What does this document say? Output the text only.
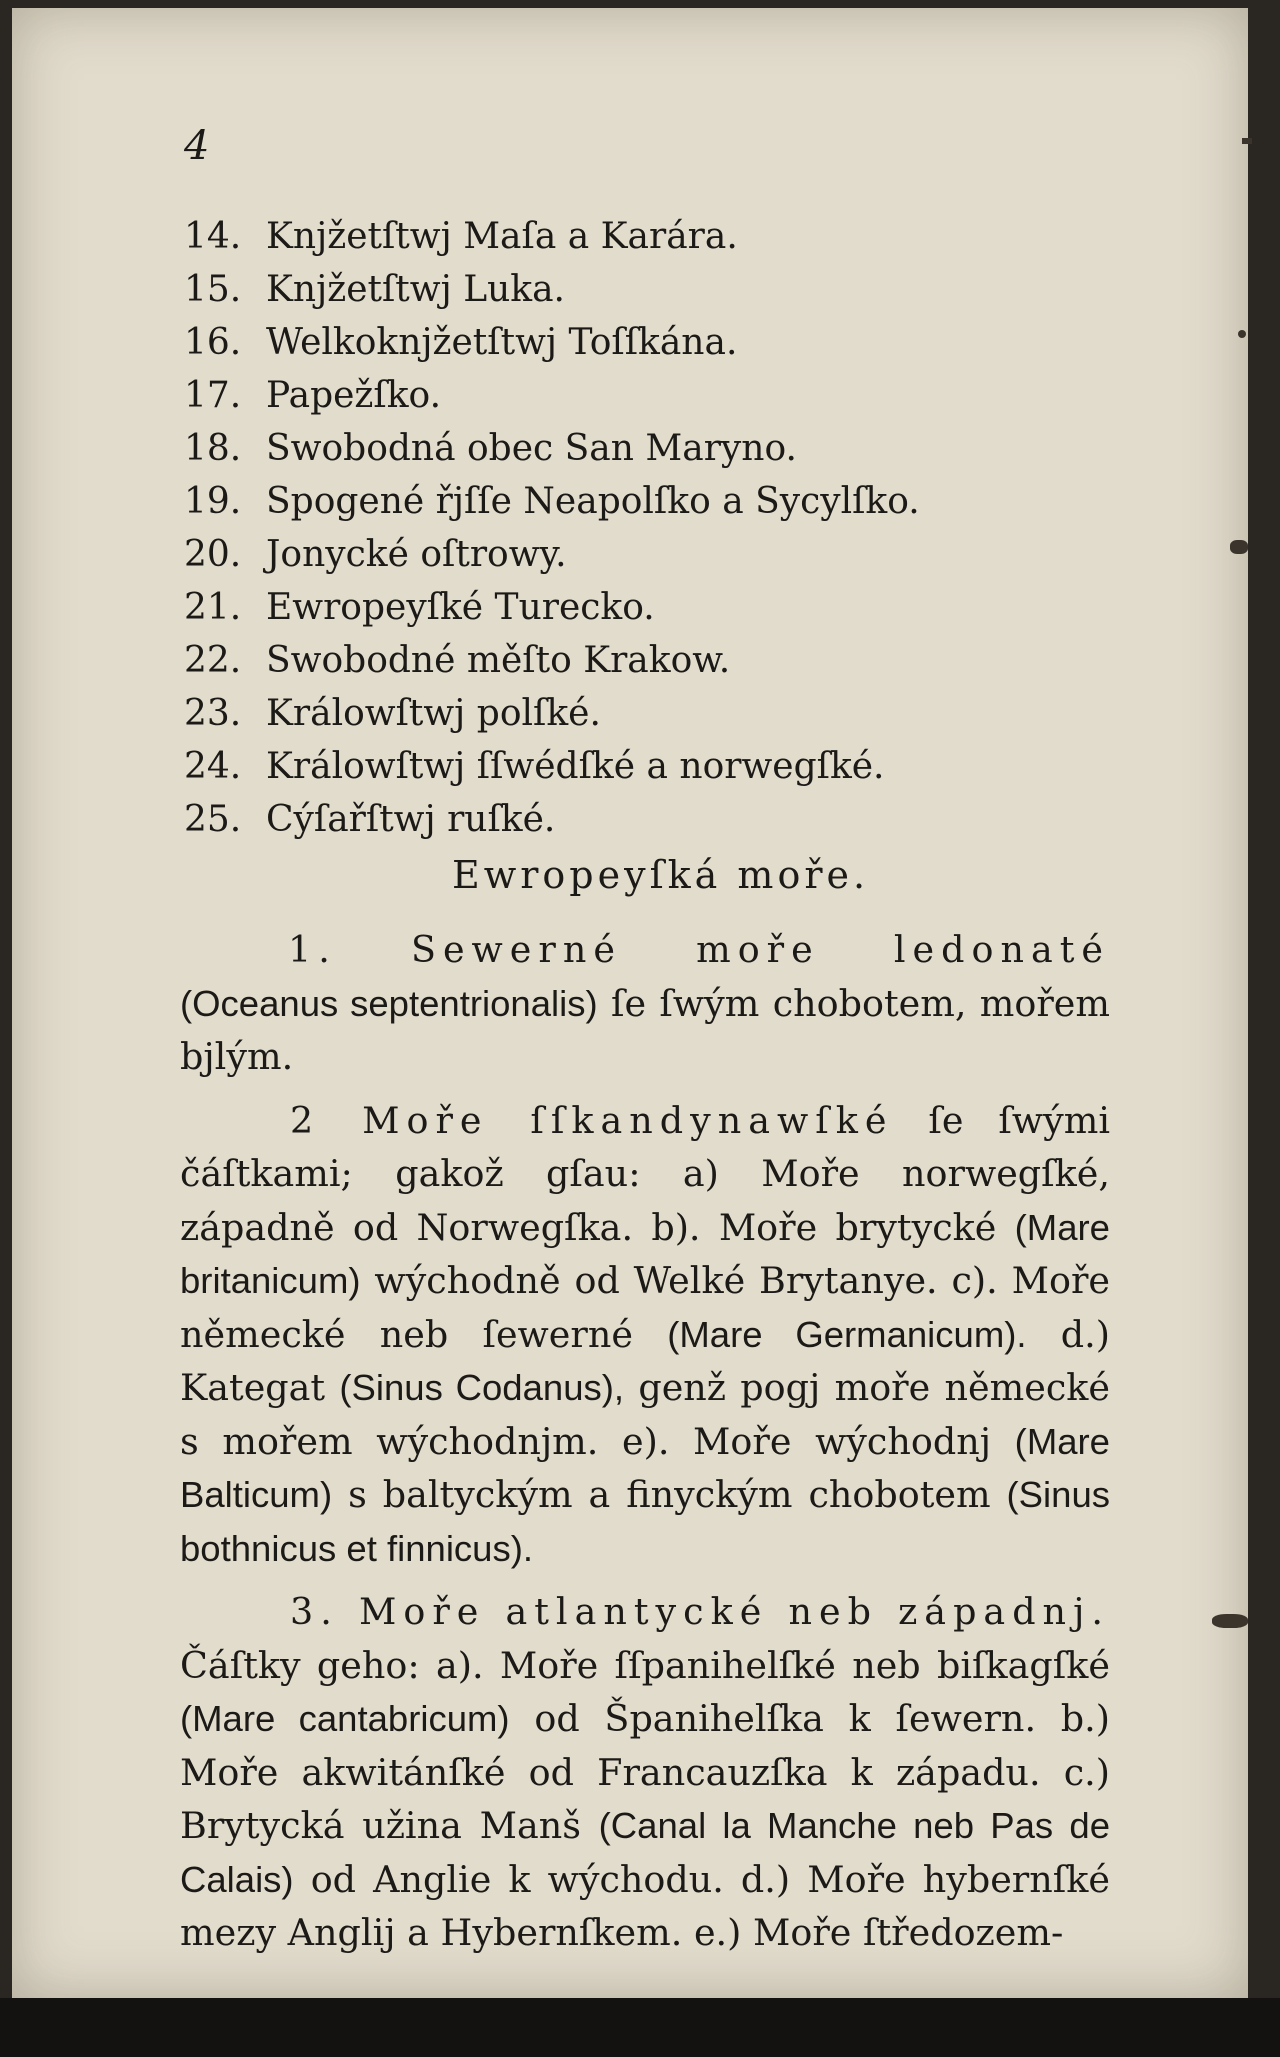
4
14. Knjžetſtwj Maſa a Karára.
15. Knjžetſtwj Luka.
16. Welkoknjžetſtwj Toſſkána.
17. Papežſko.
18. Swobodná obec San Maryno.
19. Spogené řjſſe Neapolſko a Sycylſko.
20. Jonycké oſtrowy.
21. Ewropeyſké Turecko.
22. Swobodné měſto Krakow.
23. Králowſtwj polſké.
24. Králowſtwj ſſwédſké a norwegſké.
25. Cýſařſtwj ruſké.
Ewropeyſká moře.

1. Sewerné moře ledonaté (Oceanus septentrionalis) ſe ſwým chobotem, mořem bjlým.

2 Moře ſſkandynawſké ſe ſwými čáſtkami; gakož gſau: a) Moře norwegſké, západně od Norwegſka. b). Moře brytycké (Mare britanicum) wýchodně od Welké Brytanye. c). Moře německé neb ſewerné (Mare Germanicum). d.) Kategat (Sinus Codanus), genž pogj moře německé s mořem wýchodnjm. e). Moře wýchodnj (Mare Balticum) s baltyckým a finyckým chobotem (Sinus bothnicus et finnicus).

3. Moře atlantycké neb západnj. Čáſtky geho: a). Moře ſſpanihelſké neb biſkagſké (Mare cantabricum) od Španihelſka k ſewern. b.) Moře akwitánſké od Francauzſka k západu. c.) Brytycká užina Manš (Canal la Manche neb Pas de Calais) od Anglie k wýchodu. d.) Moře hybernſké mezy Anglij a Hybernſkem. e.) Moře ſtředozem-
